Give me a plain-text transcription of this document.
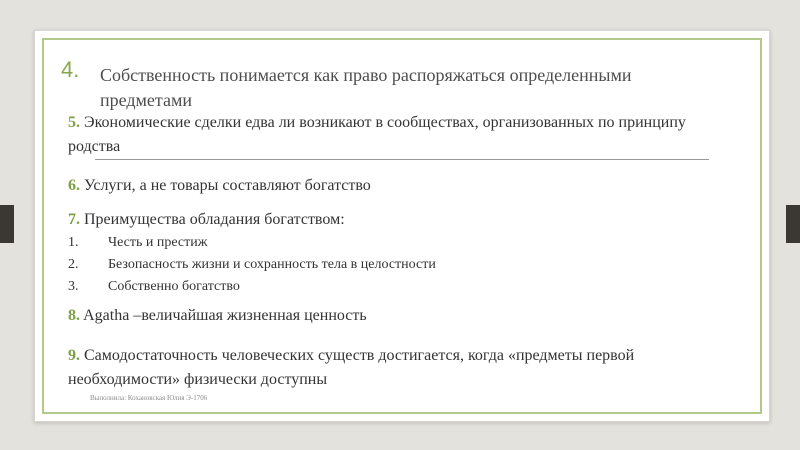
4. Собственность понимается как право распоряжаться определенными предметами
5. Экономические сделки едва ли возникают в сообществах, организованных по принципу родства
6. Услуги, а не товары составляют богатство
7. Преимущества обладания богатством:
1.	Честь и престиж
2.	Безопасность жизни и сохранность тела в целостности
3.	Собственно богатство
8. Agatha –величайшая жизненная ценность
9. Самодостаточность человеческих существ достигается, когда «предметы первой необходимости» физически доступны
Выполнила: Кохановская Юлия Э-1706
